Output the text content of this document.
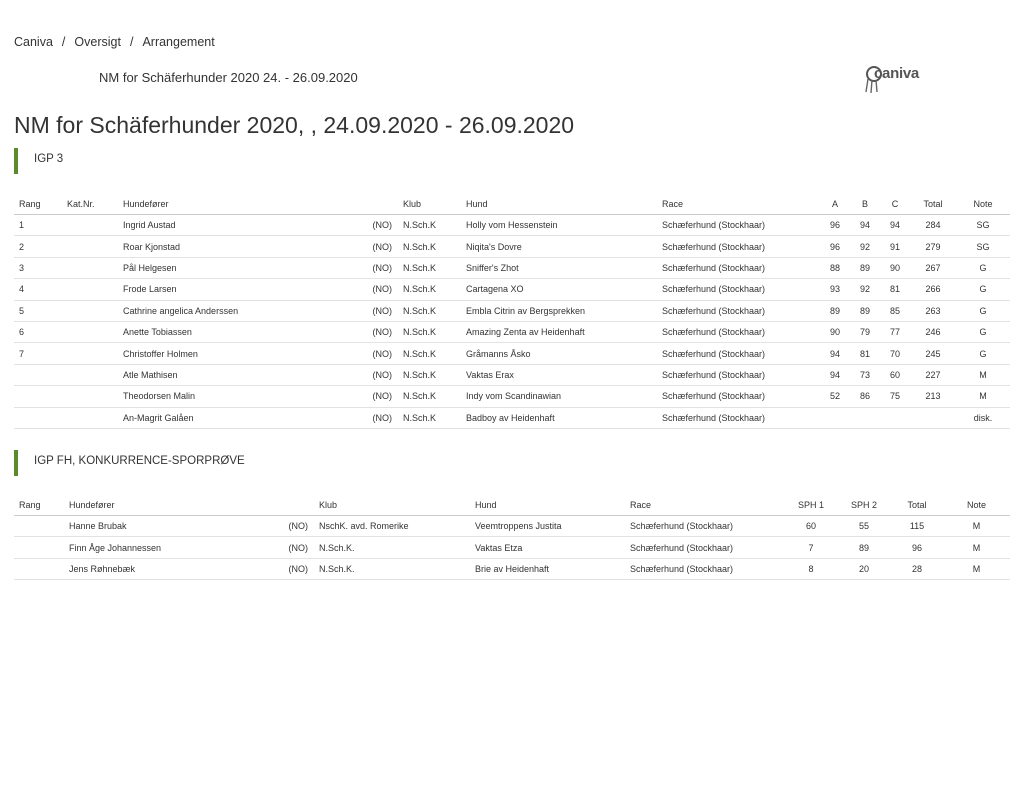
Caniva / Oversigt / Arrangement
NM for Schäferhunder 2020 24. - 26.09.2020	caniva
NM for Schäferhunder 2020, , 24.09.2020 - 26.09.2020
IGP 3
Rang	Kat.Nr.	Hundefører		Klub	Hund	Race	A	B	C	Total	Note
1		Ingrid Austad	(NO)	N.Sch.K	Holly vom Hessenstein	Schæferhund (Stockhaar)	96	94	94	284	SG
2		Roar Kjonstad	(NO)	N.Sch.K	Niqita's Dovre	Schæferhund (Stockhaar)	96	92	91	279	SG
3		Pål Helgesen	(NO)	N.Sch.K	Sniffer's Zhot	Schæferhund (Stockhaar)	88	89	90	267	G
4		Frode Larsen	(NO)	N.Sch.K	Cartagena XO	Schæferhund (Stockhaar)	93	92	81	266	G
5		Cathrine angelica Anderssen	(NO)	N.Sch.K	Embla Citrin av Bergsprekken	Schæferhund (Stockhaar)	89	89	85	263	G
6		Anette Tobiassen	(NO)	N.Sch.K	Amazing Zenta av Heidenhaft	Schæferhund (Stockhaar)	90	79	77	246	G
7		Christoffer Holmen	(NO)	N.Sch.K	Gråmanns Åsko	Schæferhund (Stockhaar)	94	81	70	245	G
		Atle Mathisen	(NO)	N.Sch.K	Vaktas Erax	Schæferhund (Stockhaar)	94	73	60	227	M
		Theodorsen Malin	(NO)	N.Sch.K	Indy vom Scandinawian	Schæferhund (Stockhaar)	52	86	75	213	M
		An-Magrit Galåen	(NO)	N.Sch.K	Badboy av Heidenhaft	Schæferhund (Stockhaar)					disk.
IGP FH, KONKURRENCE-SPORPRØVE
Rang	Hundefører		Klub	Hund	Race	SPH 1	SPH 2	Total	Note
	Hanne Brubak	(NO)	NschK. avd. Romerike	Veemtroppens Justita	Schæferhund (Stockhaar)	60	55	115	M
	Finn Åge Johannessen	(NO)	N.Sch.K.	Vaktas Etza	Schæferhund (Stockhaar)	7	89	96	M
	Jens Røhnebæk	(NO)	N.Sch.K.	Brie av Heidenhaft	Schæferhund (Stockhaar)	8	20	28	M
